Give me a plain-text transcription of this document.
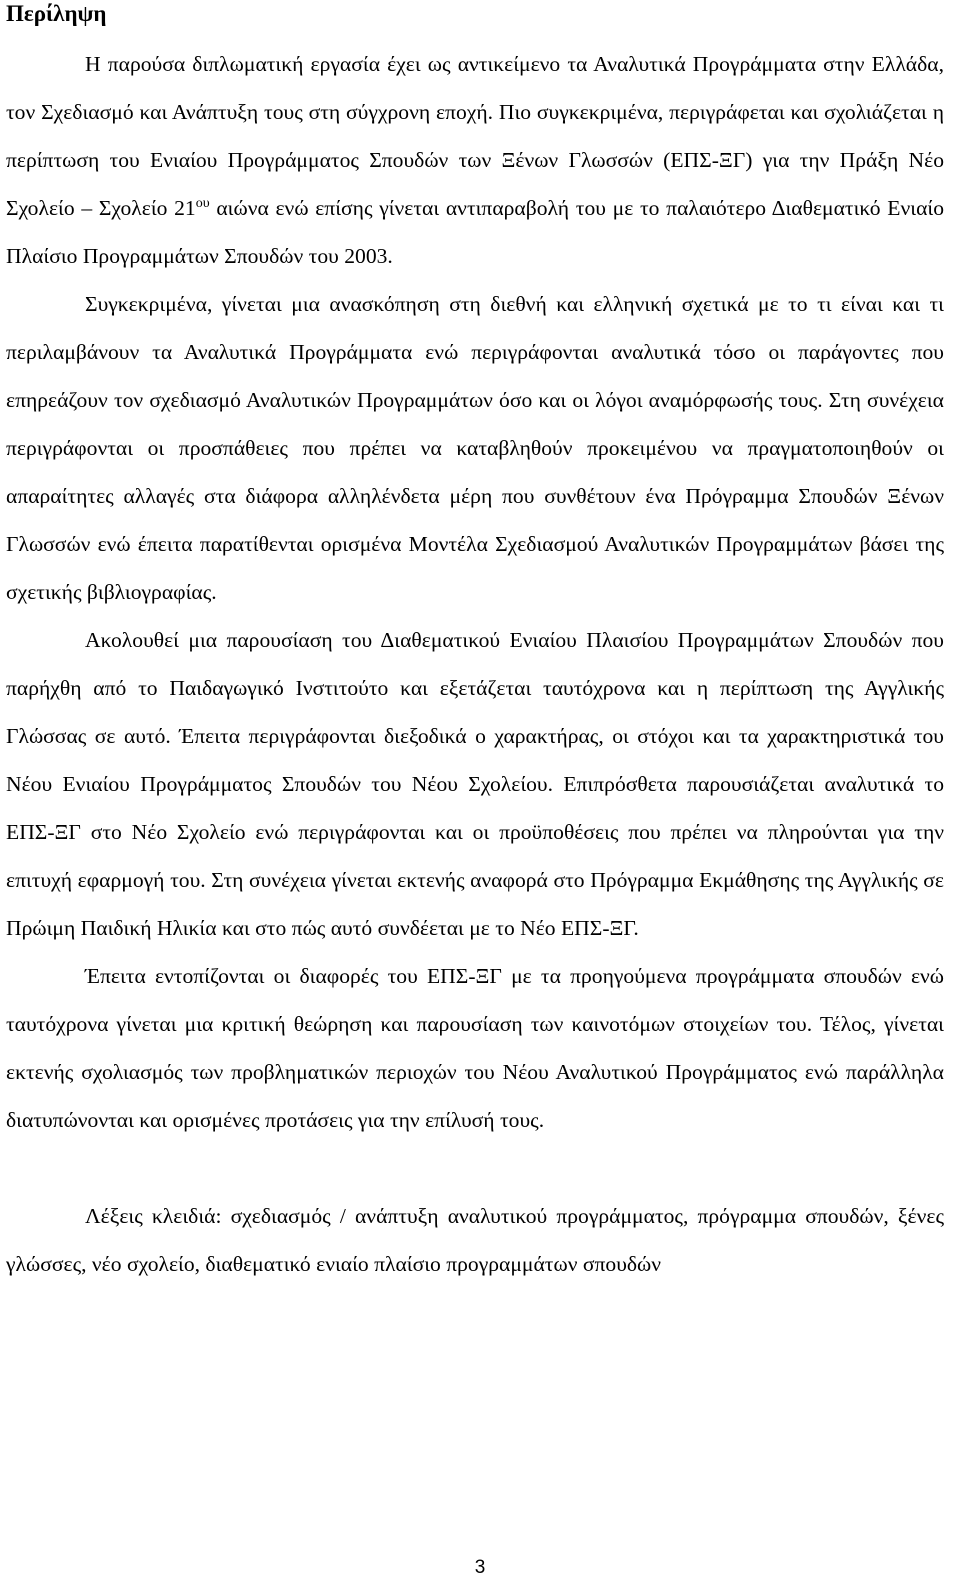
Περίληψη

Η παρούσα διπλωματική εργασία έχει ως αντικείμενο τα Αναλυτικά Προγράμματα στην Ελλάδα, τον Σχεδιασμό και Ανάπτυξη τους στη σύγχρονη εποχή. Πιο συγκεκριμένα, περιγράφεται και σχολιάζεται η περίπτωση του Ενιαίου Προγράμματος Σπουδών των Ξένων Γλωσσών (ΕΠΣ-ΞΓ) για την Πράξη Νέο Σχολείο – Σχολείο $21^{o\upsilon}$ αιώνα ενώ επίσης γίνεται αντιπαραβολή του με το παλαιότερο Διαθεματικό Ενιαίο Πλαίσιο Προγραμμάτων Σπουδών του 2003.

Συγκεκριμένα, γίνεται μια ανασκόπηση στη διεθνή και ελληνική σχετικά με το τι είναι και τι περιλαμβάνουν τα Αναλυτικά Προγράμματα ενώ περιγράφονται αναλυτικά τόσο οι παράγοντες που επηρεάζουν τον σχεδιασμό Αναλυτικών Προγραμμάτων όσο και οι λόγοι αναμόρφωσής τους. Στη συνέχεια περιγράφονται οι προσπάθειες που πρέπει να καταβληθούν προκειμένου να πραγματοποιηθούν οι απαραίτητες αλλαγές στα διάφορα αλληλένδετα μέρη που συνθέτουν ένα Πρόγραμμα Σπουδών Ξένων Γλωσσών ενώ έπειτα παρατίθενται ορισμένα Μοντέλα Σχεδιασμού Αναλυτικών Προγραμμάτων βάσει της σχετικής βιβλιογραφίας.

Ακολουθεί μια παρουσίαση του Διαθεματικού Ενιαίου Πλαισίου Προγραμμάτων Σπουδών που παρήχθη από το Παιδαγωγικό Ινστιτούτο και εξετάζεται ταυτόχρονα και η περίπτωση της Αγγλικής Γλώσσας σε αυτό. Έπειτα περιγράφονται διεξοδικά ο χαρακτήρας, οι στόχοι και τα χαρακτηριστικά του Νέου Ενιαίου Προγράμματος Σπουδών του Νέου Σχολείου. Επιπρόσθετα παρουσιάζεται αναλυτικά το ΕΠΣ-ΞΓ στο Νέο Σχολείο ενώ περιγράφονται και οι προϋποθέσεις που πρέπει να πληρούνται για την επιτυχή εφαρμογή του. Στη συνέχεια γίνεται εκτενής αναφορά στο Πρόγραμμα Εκμάθησης της Αγγλικής σε Πρώιμη Παιδική Ηλικία και στο πώς αυτό συνδέεται με το Νέο ΕΠΣ-ΞΓ.

Έπειτα εντοπίζονται οι διαφορές του ΕΠΣ-ΞΓ με τα προηγούμενα προγράμματα σπουδών ενώ ταυτόχρονα γίνεται μια κριτική θεώρηση και παρουσίαση των καινοτόμων στοιχείων του. Τέλος, γίνεται εκτενής σχολιασμός των προβληματικών περιοχών του Νέου Αναλυτικού Προγράμματος ενώ παράλληλα διατυπώνονται και ορισμένες προτάσεις για την επίλυσή τους.

Λέξεις κλειδιά: σχεδιασμός / ανάπτυξη αναλυτικού προγράμματος, πρόγραμμα σπουδών, ξένες γλώσσες, νέο σχολείο, διαθεματικό ενιαίο πλαίσιο προγραμμάτων σπουδών

3
